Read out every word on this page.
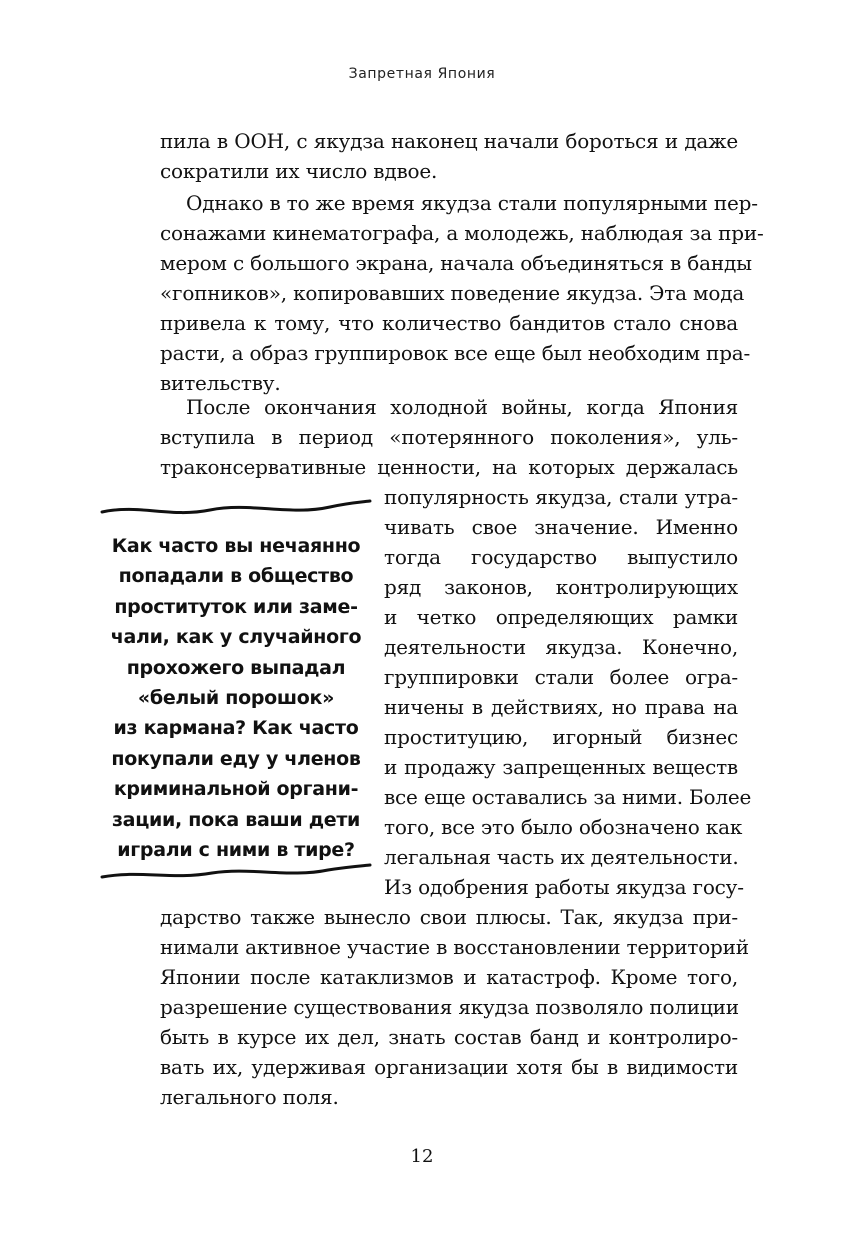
Запретная Япония
пила в ООН, с якудза наконец начали бороться и даже
сократили их число вдвое.
Однако в то же время якудза стали популярными пер-
сонажами кинематографа, а молодежь, наблюдая за при-
мером с большого экрана, начала объединяться в банды
«гопников», копировавших поведение якудза. Эта мода
привела к тому, что количество бандитов стало снова
расти, а образ группировок все еще был необходим пра-
вительству.
После окончания холодной войны, когда Япония
вступила в период «потерянного поколения», уль-
траконсервативные ценности, на которых держалась
популярность якудза, стали утра-
чивать свое значение. Именно
тогда государство выпустило
ряд законов, контролирующих
и четко определяющих рамки
деятельности якудза. Конечно,
группировки стали более огра-
ничены в действиях, но права на
проституцию, игорный бизнес
и продажу запрещенных веществ
все еще оставались за ними. Более
того, все это было обозначено как
легальная часть их деятельности.
Из одобрения работы якудза госу-
дарство также вынесло свои плюсы. Так, якудза при-
нимали активное участие в восстановлении территорий
Японии после катаклизмов и катастроф. Кроме того,
разрешение существования якудза позволяло полиции
быть в курсе их дел, знать состав банд и контролиро-
вать их, удерживая организации хотя бы в видимости
легального поля.
Как часто вы нечаянно
попадали в общество
проституток или заме-
чали, как у случайного
прохожего выпадал
«белый порошок»
из кармана? Как часто
покупали еду у членов
криминальной органи-
зации, пока ваши дети
играли с ними в тире?
12
